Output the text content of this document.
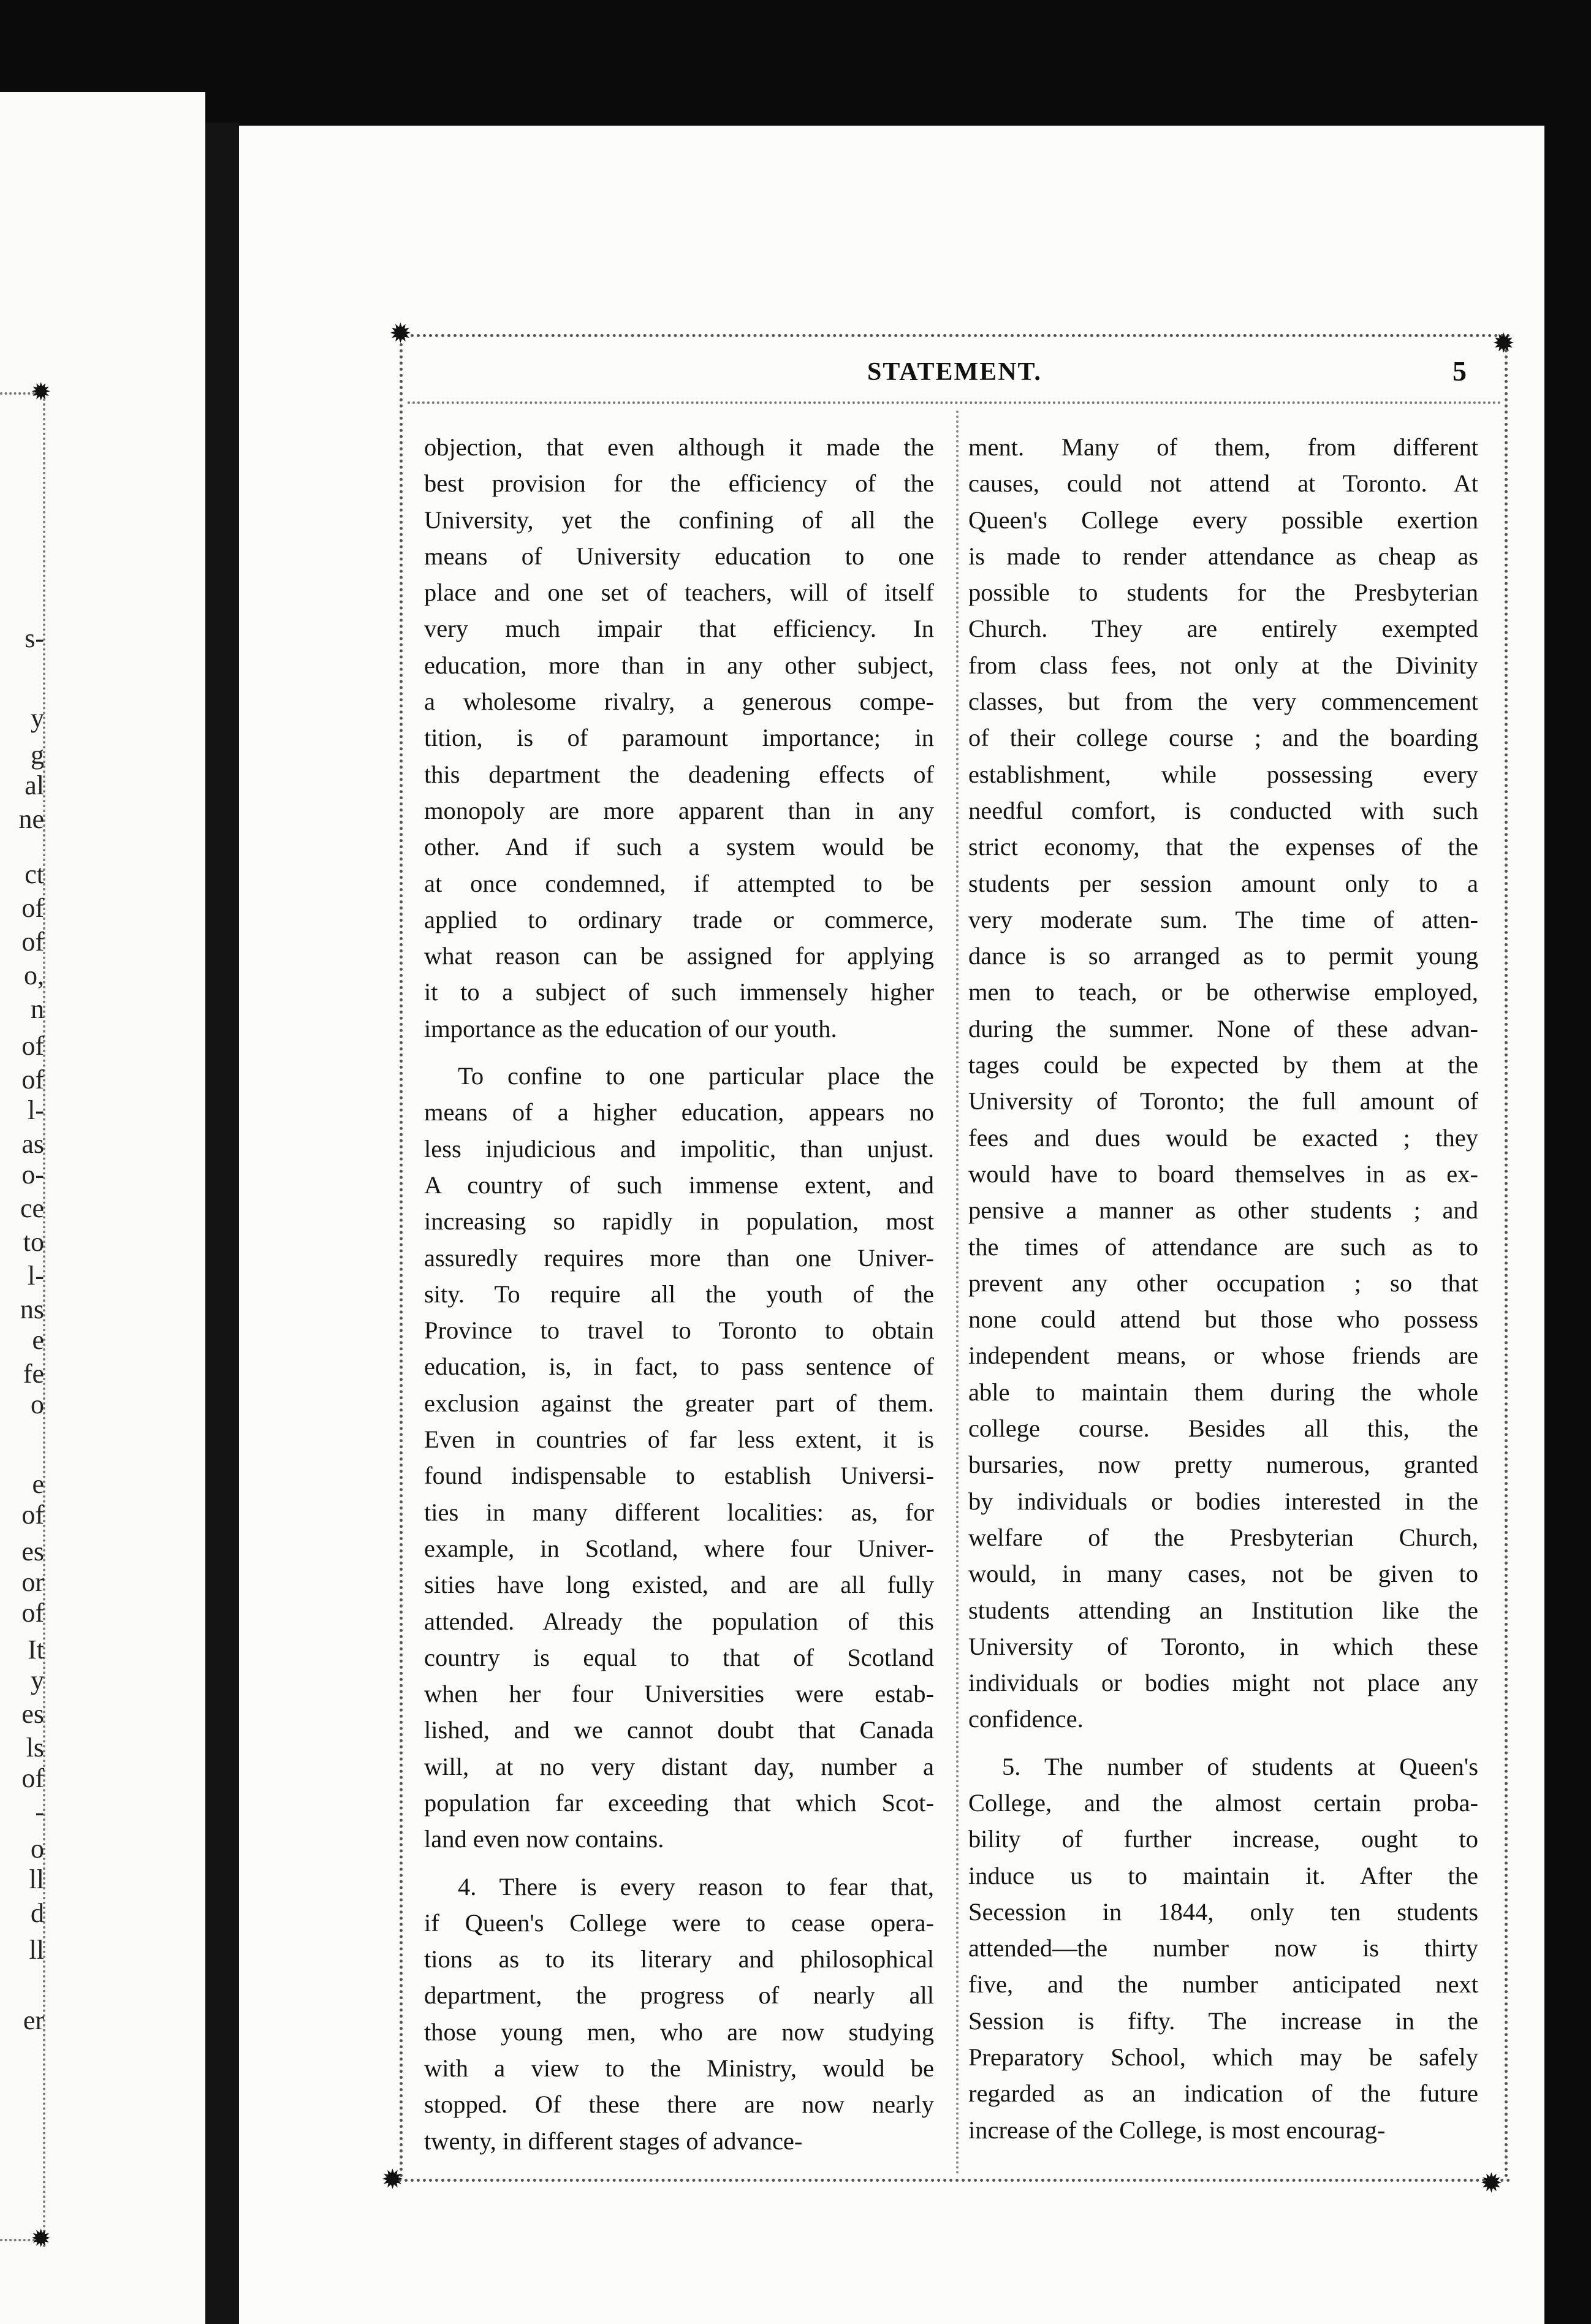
✹
✹
s-
y
g
al
ne
ct
of
of
o,
n
of
of
l-
as
o-
ce
to
l-
ns
e
fe
o
e
of
es
or
of
It
y
es
ls
of
-
o
ll
d
ll
er
✹	✹
✹	✹
STATEMENT.	5

objection, that even although it made the
best provision for the efficiency of the
University, yet the confining of all the
means of University education to one
place and one set of teachers, will of itself
very much impair that efficiency. In
education, more than in any other subject,
a wholesome rivalry, a generous compe-
tition, is of paramount importance; in
this department the deadening effects of
monopoly are more apparent than in any
other. And if such a system would be
at once condemned, if attempted to be
applied to ordinary trade or commerce,
what reason can be assigned for applying
it to a subject of such immensely higher
importance as the education of our youth.

To confine to one particular place the
means of a higher education, appears no
less injudicious and impolitic, than unjust.
A country of such immense extent, and
increasing so rapidly in population, most
assuredly requires more than one Univer-
sity. To require all the youth of the
Province to travel to Toronto to obtain
education, is, in fact, to pass sentence of
exclusion against the greater part of them.
Even in countries of far less extent, it is
found indispensable to establish Universi-
ties in many different localities: as, for
example, in Scotland, where four Univer-
sities have long existed, and are all fully
attended. Already the population of this
country is equal to that of Scotland
when her four Universities were estab-
lished, and we cannot doubt that Canada
will, at no very distant day, number a
population far exceeding that which Scot-
land even now contains.

4. There is every reason to fear that,
if Queen's College were to cease opera-
tions as to its literary and philosophical
department, the progress of nearly all
those young men, who are now studying
with a view to the Ministry, would be
stopped. Of these there are now nearly
twenty, in different stages of advance-

ment. Many of them, from different
causes, could not attend at Toronto. At
Queen's College every possible exertion
is made to render attendance as cheap as
possible to students for the Presbyterian
Church. They are entirely exempted
from class fees, not only at the Divinity
classes, but from the very commencement
of their college course ; and the boarding
establishment, while possessing every
needful comfort, is conducted with such
strict economy, that the expenses of the
students per session amount only to a
very moderate sum. The time of atten-
dance is so arranged as to permit young
men to teach, or be otherwise employed,
during the summer. None of these advan-
tages could be expected by them at the
University of Toronto; the full amount of
fees and dues would be exacted ; they
would have to board themselves in as ex-
pensive a manner as other students ; and
the times of attendance are such as to
prevent any other occupation ; so that
none could attend but those who possess
independent means, or whose friends are
able to maintain them during the whole
college course. Besides all this, the
bursaries, now pretty numerous, granted
by individuals or bodies interested in the
welfare of the Presbyterian Church,
would, in many cases, not be given to
students attending an Institution like the
University of Toronto, in which these
individuals or bodies might not place any
confidence.

5. The number of students at Queen's
College, and the almost certain proba-
bility of further increase, ought to
induce us to maintain it. After the
Secession in 1844, only ten students
attended—the number now is thirty
five, and the number anticipated next
Session is fifty. The increase in the
Preparatory School, which may be safely
regarded as an indication of the future
increase of the College, is most encourag-
